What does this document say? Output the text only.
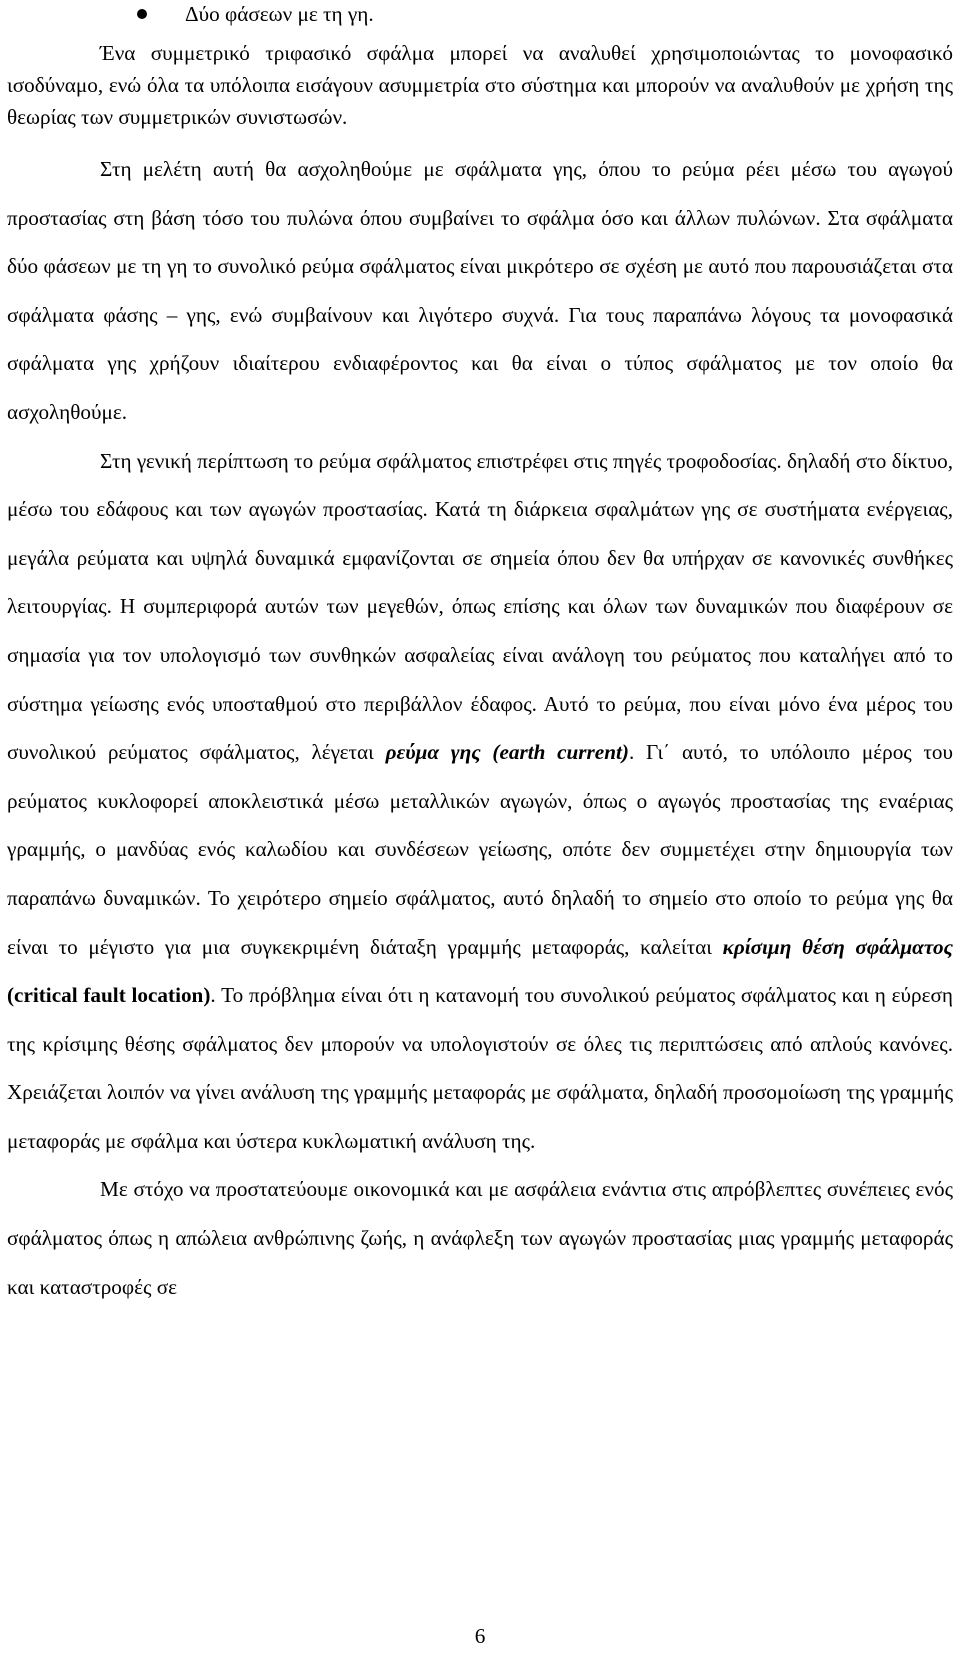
Δύο φάσεων με τη γη.

Ένα συμμετρικό τριφασικό σφάλμα μπορεί να αναλυθεί χρησιμοποιώντας το μονοφασικό ισοδύναμο, ενώ όλα τα υπόλοιπα εισάγουν ασυμμετρία στο σύστημα και μπορούν να αναλυθούν με χρήση της θεωρίας των συμμετρικών συνιστωσών.

Στη μελέτη αυτή θα ασχοληθούμε με σφάλματα γης, όπου το ρεύμα ρέει μέσω του αγωγού προστασίας στη βάση τόσο του πυλώνα όπου συμβαίνει το σφάλμα όσο και άλλων πυλώνων. Στα σφάλματα δύο φάσεων με τη γη το συνολικό ρεύμα σφάλματος είναι μικρότερο σε σχέση με αυτό που παρουσιάζεται στα σφάλματα φάσης – γης, ενώ συμβαίνουν και λιγότερο συχνά. Για τους παραπάνω λόγους τα μονοφασικά σφάλματα γης χρήζουν ιδιαίτερου ενδιαφέροντος και θα είναι ο τύπος σφάλματος με τον οποίο θα ασχοληθούμε.

Στη γενική περίπτωση το ρεύμα σφάλματος επιστρέφει στις πηγές τροφοδοσίας. δηλαδή στο δίκτυο, μέσω του εδάφους και των αγωγών προστασίας. Κατά τη διάρκεια σφαλμάτων γης σε συστήματα ενέργειας, μεγάλα ρεύματα και υψηλά δυναμικά εμφανίζονται σε σημεία όπου δεν θα υπήρχαν σε κανονικές συνθήκες λειτουργίας. Η συμπεριφορά αυτών των μεγεθών, όπως επίσης και όλων των δυναμικών που διαφέρουν σε σημασία για τον υπολογισμό των συνθηκών ασφαλείας είναι ανάλογη του ρεύματος που καταλήγει από το σύστημα γείωσης ενός υποσταθμού στο περιβάλλον έδαφος. Αυτό το ρεύμα, που είναι μόνο ένα μέρος του συνολικού ρεύματος σφάλματος, λέγεται ρεύμα γης (earth current). Γι΄ αυτό, το υπόλοιπο μέρος του ρεύματος κυκλοφορεί αποκλειστικά μέσω μεταλλικών αγωγών, όπως ο αγωγός προστασίας της εναέριας γραμμής, ο μανδύας ενός καλωδίου και συνδέσεων γείωσης, οπότε δεν συμμετέχει στην δημιουργία των παραπάνω δυναμικών. Το χειρότερο σημείο σφάλματος, αυτό δηλαδή το σημείο στο οποίο το ρεύμα γης θα είναι το μέγιστο για μια συγκεκριμένη διάταξη γραμμής μεταφοράς, καλείται κρίσιμη θέση σφάλματος (critical fault location). Το πρόβλημα είναι ότι η κατανομή του συνολικού ρεύματος σφάλματος και η εύρεση της κρίσιμης θέσης σφάλματος δεν μπορούν να υπολογιστούν σε όλες τις περιπτώσεις από απλούς κανόνες. Χρειάζεται λοιπόν να γίνει ανάλυση της γραμμής μεταφοράς με σφάλματα, δηλαδή προσομοίωση της γραμμής μεταφοράς με σφάλμα και ύστερα κυκλωματική ανάλυση της.

Με στόχο να προστατεύουμε οικονομικά και με ασφάλεια ενάντια στις απρόβλεπτες συνέπειες ενός σφάλματος όπως η απώλεια ανθρώπινης ζωής, η ανάφλεξη των αγωγών προστασίας μιας γραμμής μεταφοράς και καταστροφές σε

6
